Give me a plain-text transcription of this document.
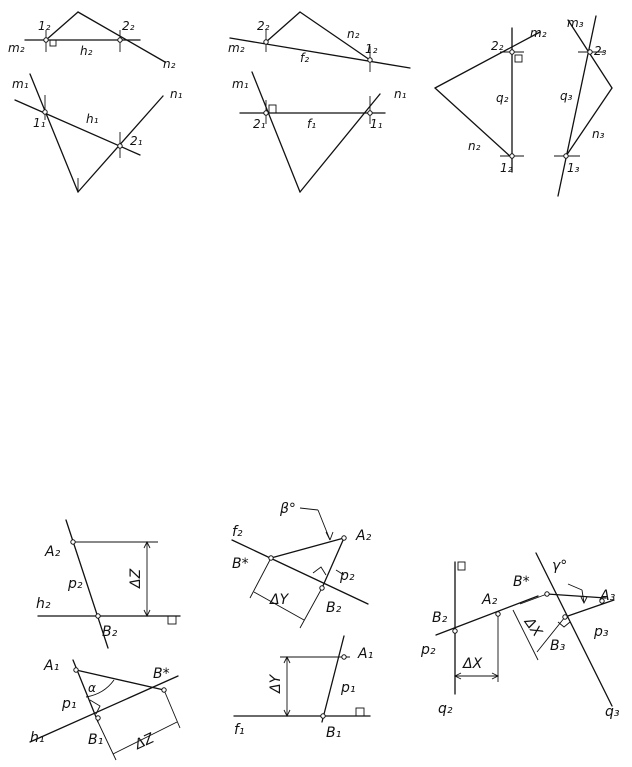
1₂	2₂
m₂	h₂
n₂
m₁
n₁
1₁	h₁
2₁
2₂
n₂
m₂
f₂
1₂
m₁
n₁
2₁	f₁	1₁
2₂
m₂
q₂
n₂
1₂
m₃
2₃
q₃
n₃
1₃
A₂
p₂	ΔZ
h₂
B₂
A₁	B*
α
p₁
h₁	B₁ ΔZ
β°
f₂	A₂
B*
p₂
ΔY	B₂
A₁
ΔY	p₁
f₁	B₁
γ°
B*
A₂	A₃
B₂	ΔX	p₃
p₂	B₃
ΔX
q₂	q₃
